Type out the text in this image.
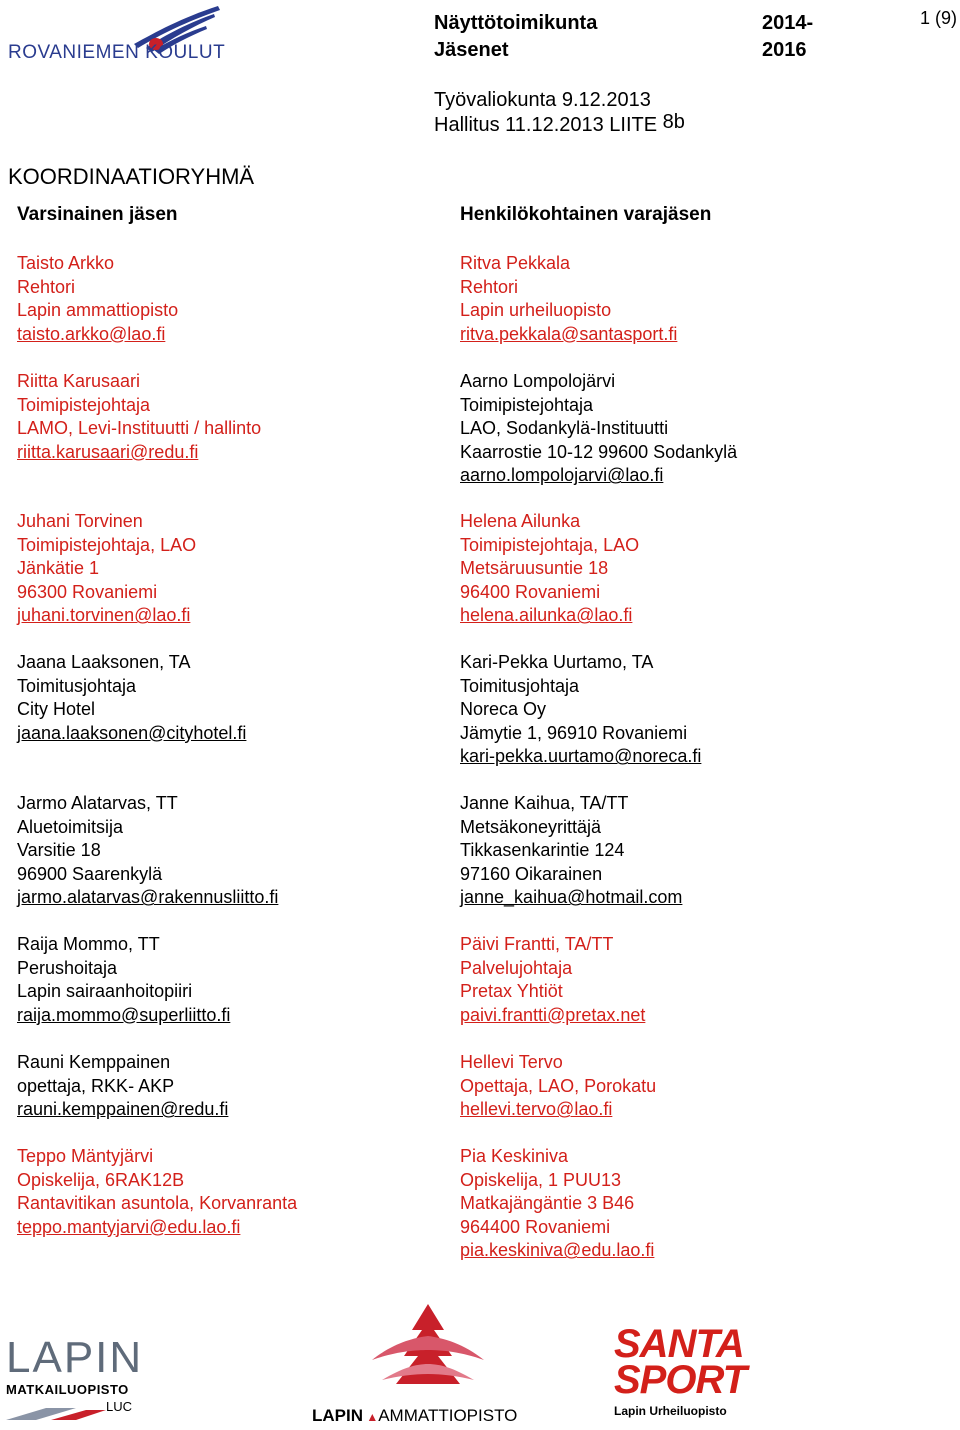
ROVANIEMEN KOULUT
Näyttötoimikunta
Jäsenet
2014-
2016
1 (9)
Työvaliokunta 9.12.2013
Hallitus 11.12.2013 LIITE 8b
KOORDINAATIORYHMÄ
Varsinainen jäsen	Henkilökohtainen varajäsen
Taisto Arkko
Rehtori
Lapin ammattiopisto
taisto.arkko@lao.fi
Riitta Karusaari
Toimipistejohtaja
LAMO, Levi-Instituutti / hallinto
riitta.karusaari@redu.fi
Juhani Torvinen
Toimipistejohtaja, LAO
Jänkätie 1
96300 Rovaniemi
juhani.torvinen@lao.fi
Jaana Laaksonen, TA
Toimitusjohtaja
City Hotel
jaana.laaksonen@cityhotel.fi
Jarmo Alatarvas, TT
Aluetoimitsija
Varsitie 18
96900 Saarenkylä
jarmo.alatarvas@rakennusliitto.fi
Raija Mommo, TT
Perushoitaja
Lapin sairaanhoitopiiri
raija.mommo@superliitto.fi
Rauni Kemppainen
opettaja, RKK- AKP
rauni.kemppainen@redu.fi
Teppo Mäntyjärvi
Opiskelija, 6RAK12B
Rantavitikan asuntola, Korvanranta
teppo.mantyjarvi@edu.lao.fi
Ritva Pekkala
Rehtori
Lapin urheiluopisto
ritva.pekkala@santasport.fi
Aarno Lompolojärvi
Toimipistejohtaja
LAO, Sodankylä-Instituutti
Kaarrostie 10-12 99600 Sodankylä
aarno.lompolojarvi@lao.fi
Helena Ailunka
Toimipistejohtaja, LAO
Metsäruusuntie 18
96400 Rovaniemi
helena.ailunka@lao.fi
Kari-Pekka Uurtamo, TA
Toimitusjohtaja
Noreca Oy
Jämytie 1, 96910 Rovaniemi
kari-pekka.uurtamo@noreca.fi
Janne Kaihua, TA/TT
Metsäkoneyrittäjä
Tikkasenkarintie 124
97160 Oikarainen
janne_kaihua@hotmail.com
Päivi Frantti, TA/TT
Palvelujohtaja
Pretax Yhtiöt
paivi.frantti@pretax.net
Hellevi Tervo
Opettaja, LAO, Porokatu
hellevi.tervo@lao.fi
Pia Keskiniva
Opiskelija, 1 PUU13
Matkajängäntie 3 B46
964400 Rovaniemi
pia.keskiniva@edu.lao.fi
LAPIN
MATKAILUOPISTO
LUC	LAPIN ▲AMMATTIOPISTO
SANTA
SPORT
Lapin Urheiluopisto
